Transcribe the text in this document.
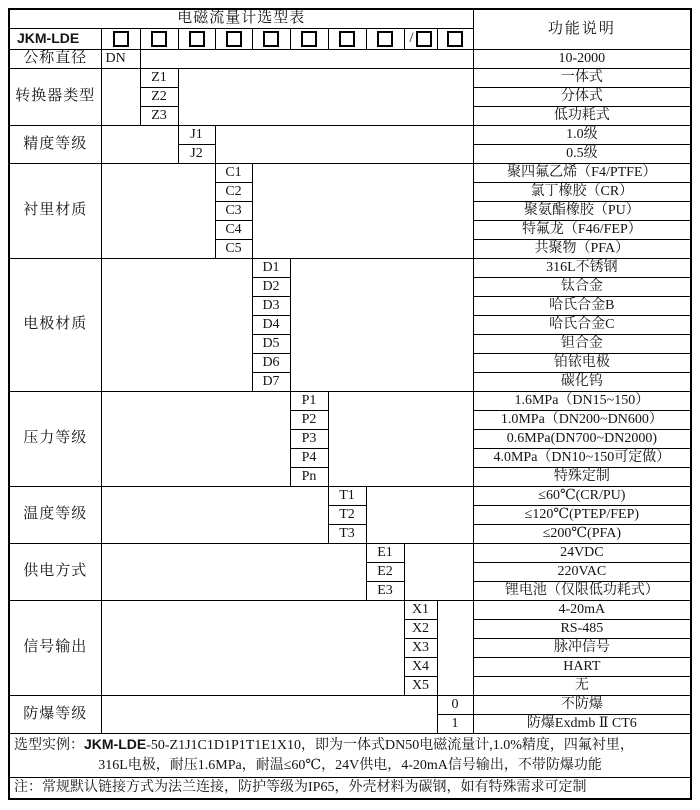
电磁流量计选型表											功能说明
JKM-LDE									/		
公称直径	DN										10-2000
转换器类型		Z1									一体式
		Z2									分体式
		Z3									低功耗式
精度等级			J1								1.0级
			J2								0.5级
衬里材质				C1							聚四氟乙烯（F4/PTFE）
				C2							氯丁橡胶（CR）
				C3							聚氨酯橡胶（PU）
				C4							特氟龙（F46/FEP）
				C5							共聚物（PFA）
电极材质					D1						316L不锈钢
					D2						钛合金
					D3						哈氏合金B
					D4						哈氏合金C
					D5						钽合金
					D6						铂铱电极
					D7						碳化钨
压力等级						P1					1.6MPa（DN15~150）
						P2					1.0MPa（DN200~DN600）
						P3					0.6MPa(DN700~DN2000)
						P4					4.0MPa（DN10~150可定做）
						Pn					特殊定制
温度等级							T1				≤60℃(CR/PU)
							T2				≤120℃(PTEP/FEP)
							T3				≤200℃(PFA)
供电方式								E1			24VDC
								E2			220VAC
								E3			锂电池（仅限低功耗式）
信号输出									X1		4-20mA
									X2		RS-485
									X3		脉冲信号
									X4		HART
									X5		无
防爆等级										0	不防爆
										1	防爆Exdmb Ⅱ CT6

选型实例：JKM-LDE-50-Z1J1C1D1P1T1E1X10，即为一体式DN50电磁流量计,1.0%精度，四氟衬里，
316L电极，耐压1.6MPa，耐温≤60℃，24V供电，4-20mA信号输出，不带防爆功能											

注：常规默认链接方式为法兰连接，防护等级为IP65，外壳材料为碳钢，如有特殊需求可定制											
